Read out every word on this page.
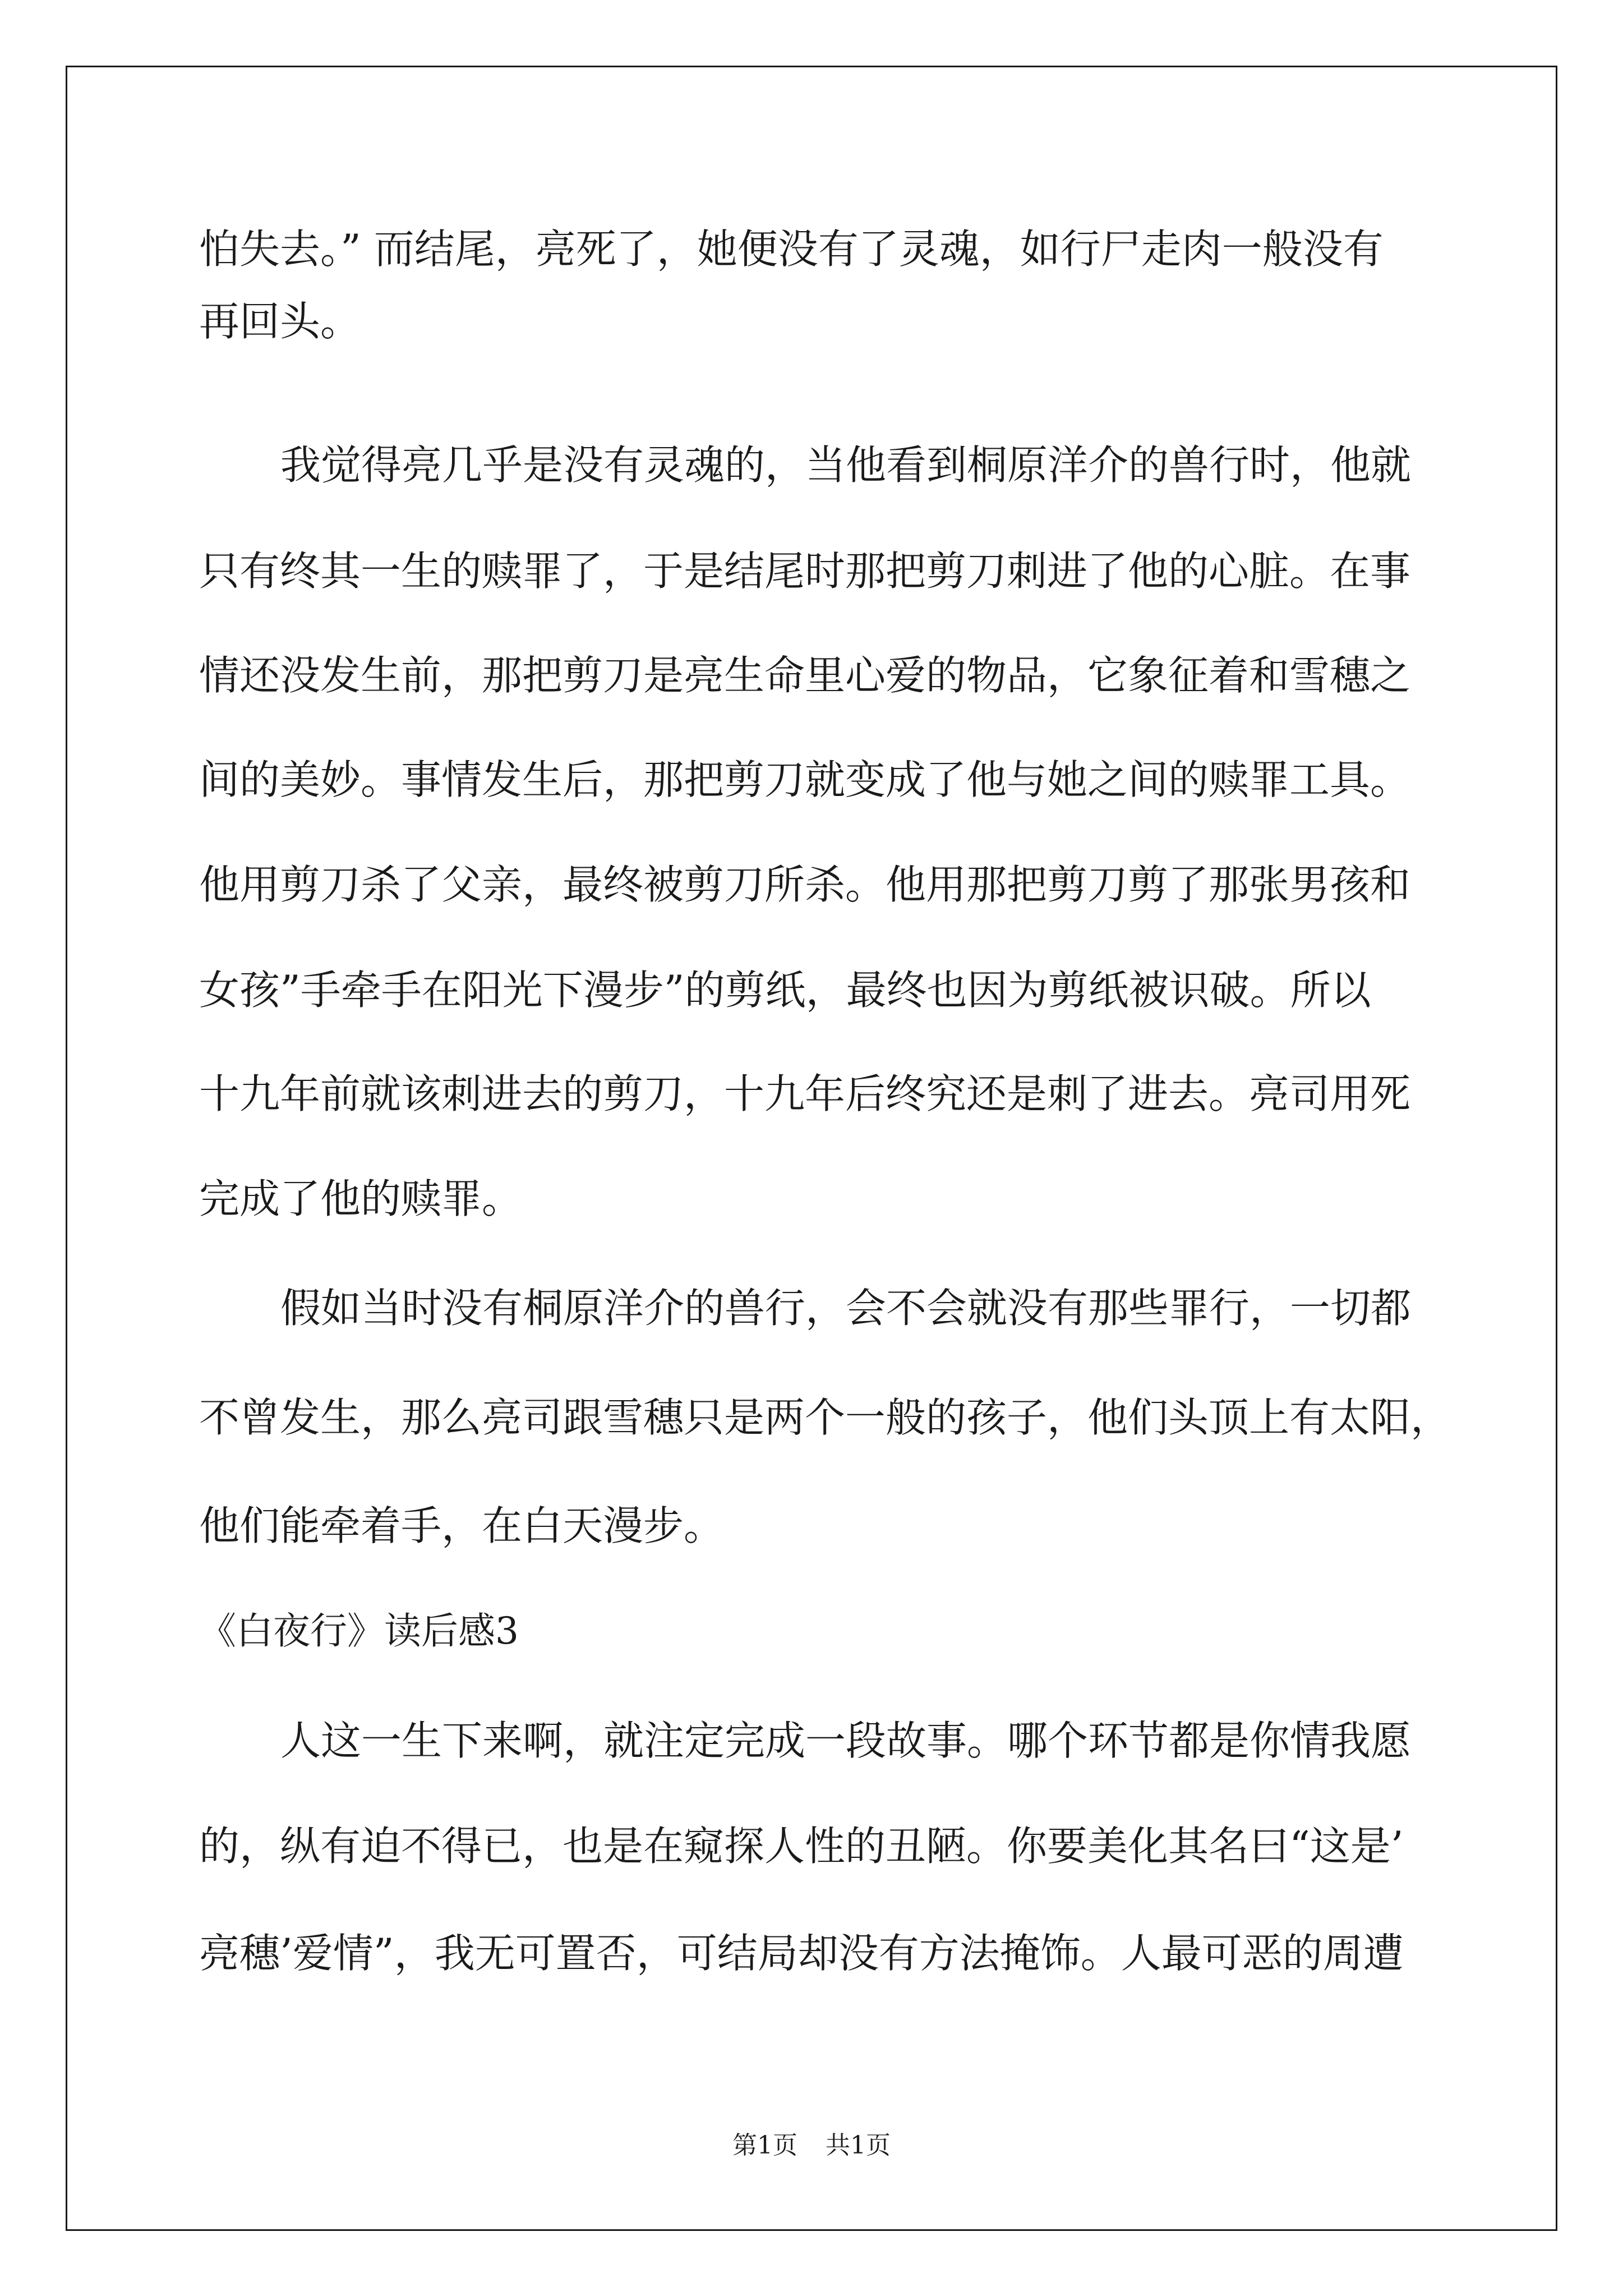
怕失去。” 而结尾，亮死了，她便没有了灵魂，如行尸走肉一般没有
再回头。
我觉得亮几乎是没有灵魂的，当他看到桐原洋介的兽行时，他就
只有终其一生的赎罪了，于是结尾时那把剪刀刺进了他的心脏。在事
情还没发生前，那把剪刀是亮生命里心爱的物品，它象征着和雪穗之
间的美妙。事情发生后，那把剪刀就变成了他与她之间的赎罪工具。
他用剪刀杀了父亲，最终被剪刀所杀。他用那把剪刀剪了那张男孩和
女孩”手牵手在阳光下漫步”的剪纸，最终也因为剪纸被识破。所以
十九年前就该刺进去的剪刀，十九年后终究还是刺了进去。亮司用死
完成了他的赎罪。
假如当时没有桐原洋介的兽行，会不会就没有那些罪行，一切都
不曾发生，那么亮司跟雪穗只是两个一般的孩子，他们头顶上有太阳，
他们能牵着手，在白天漫步。
《白夜行》读后感3
人这一生下来啊，就注定完成一段故事。哪个环节都是你情我愿
的，纵有迫不得已，也是在窥探人性的丑陋。你要美化其名曰“这是’
亮穗’爱情”，我无可置否，可结局却没有方法掩饰。人最可恶的周遭
第1页 共1页
